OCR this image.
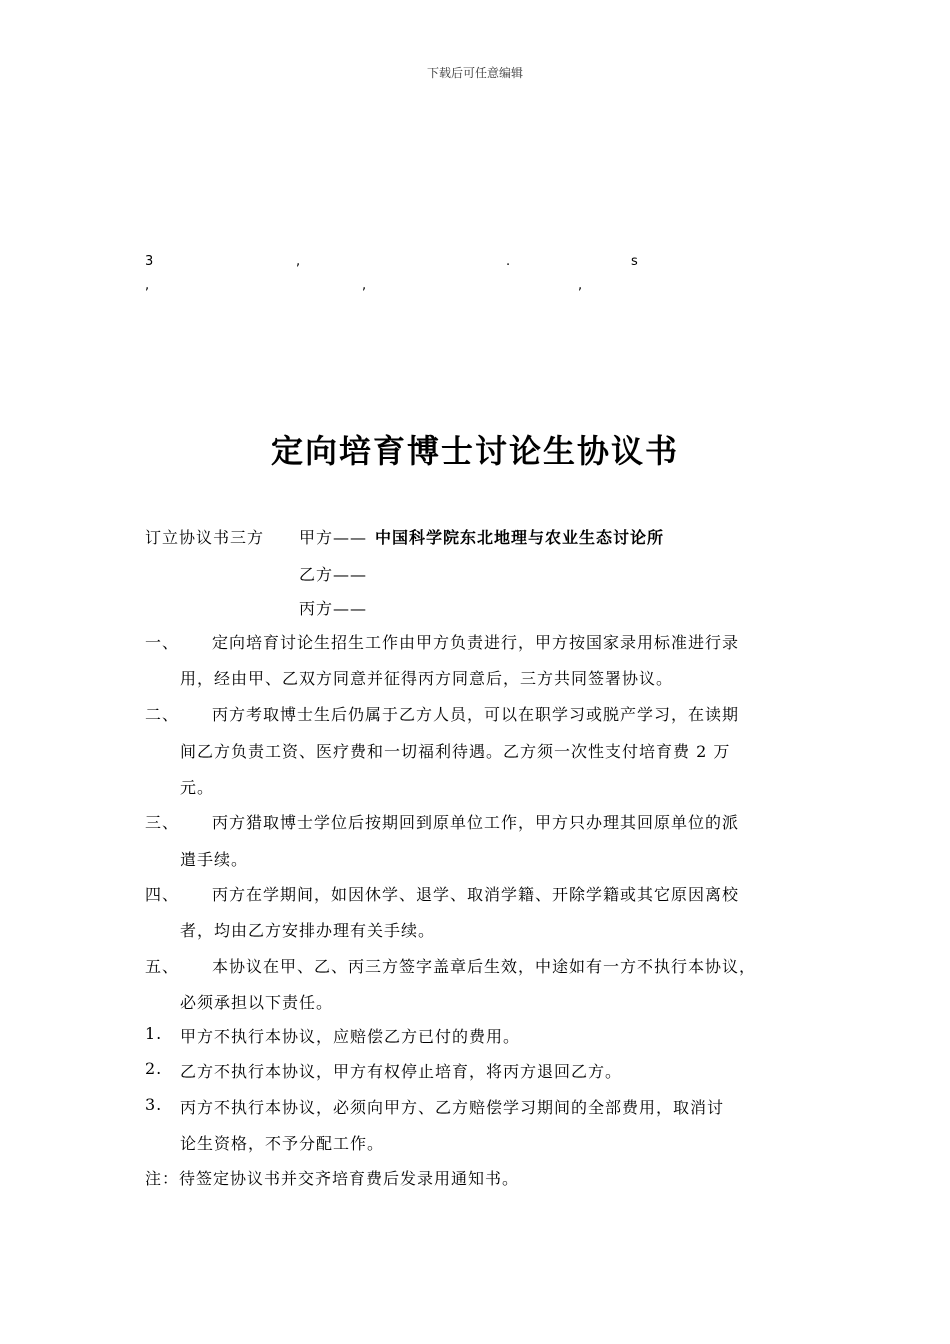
下载后可任意编辑
3	,	.	s
,	,	,
定向培育博士讨论生协议书
订立协议书三方 甲方—— 中国科学院东北地理与农业生态讨论所
乙方——
丙方——
一、 定向培育讨论生招生工作由甲方负责进行，甲方按国家录用标准进行录
用，经由甲、乙双方同意并征得丙方同意后，三方共同签署协议。
二、 丙方考取博士生后仍属于乙方人员，可以在职学习或脱产学习，在读期
间乙方负责工资、医疗费和一切福利待遇。乙方须一次性支付培育费 2 万
元。
三、 丙方猎取博士学位后按期回到原单位工作，甲方只办理其回原单位的派
遣手续。
四、 丙方在学期间，如因休学、退学、取消学籍、开除学籍或其它原因离校
者，均由乙方安排办理有关手续。
五、 本协议在甲、乙、丙三方签字盖章后生效，中途如有一方不执行本协议，
必须承担以下责任。
1. 甲方不执行本协议，应赔偿乙方已付的费用。
2. 乙方不执行本协议，甲方有权停止培育，将丙方退回乙方。
3. 丙方不执行本协议，必须向甲方、乙方赔偿学习期间的全部费用，取消讨
论生资格，不予分配工作。
注：待签定协议书并交齐培育费后发录用通知书。
